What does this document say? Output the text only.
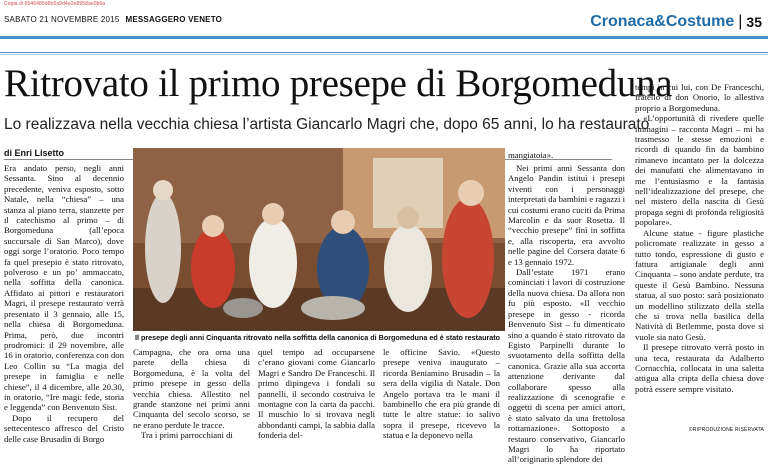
Copia di 6546485d6b5a9d4e2e8958ae0b6a
SABATO 21 NOVEMBRE 2015 MESSAGGERO VENETO	Cronaca&Costume | 35
Ritrovato il primo presepe di Borgomeduna
Lo realizzava nella vecchia chiesa l’artista Giancarlo Magri che, dopo 65 anni, lo ha restaurato
di Enri Lisetto

Era andato perso, negli anni Sessanta. Sino al decennio precedente, veniva esposto, sotto Natale, nella “chiesa” – una stanza al piano terra, stanzette per il catechismo al primo – di Borgomeduna (all’epoca succursale di San Marco), dove oggi sorge l’oratorio. Poco tempo fa quel presepio è stato ritrovato, polveroso e un po’ ammaccato, nella soffitta della canonica. Affidato ai pittori e restauratori Magri, il presepe restaurato verrà presentato il 3 gennaio, alle 15, nella chiesa di Borgomeduna. Prima, però, due incontri prodromici: il 29 novembre, alle 16 in oratorio, conferenza con don Leo Collin su “La magia del presepe in famiglia e nelle chiese”, il 4 dicembre, alle 20.30, in oratorio, “Ire magi: fede, storia e leggenda” con Benvenuto Sist.

Dopo il recupero del settecentesco affresco del Cristo delle case Brusadin di Borgo

Il presepe degli anni Cinquanta ritrovato nella soffitta della canonica di Borgomeduna ed è stato restaurato

Campagna, che ora orna una parete della chiesa di Borgomeduna, è la volta del primo presepe in gesso della vecchia chiesa. Allestito nel grande stanzone nei primi anni Cinquanta del secolo scorso, se ne erano perdute le tracce.

Tra i primi parrocchiani di

quel tempo ad occuparsene c’erano giovani come Giancarlo Magri e Sandro De Franceschi. Il primo dipingeva i fondali su pannelli, il secondo costruiva le montagne con la carta da pacchi. Il muschio lo si trovava negli abbondanti campi, la sabbia dalla fonderia del-

le officine Savio. «Questo presepe veniva inaugurato – ricorda Beniamino Brusadin – la sera della vigilia di Natale. Don Angelo portava tra le mani il bambinello che era più grande di tutte le altre statue: io salivo sopra il presepe, ricevevo la statua e la deponevo nella

mangiatoia».

Nei primi anni Sessanta don Angelo Pandin istituì i presepi viventi con i personaggi interpretati da bambini e ragazzi i cui costumi erano cuciti da Prima Marcolin e da suor Rosetta. Il “vecchio presepe” finì in soffitta e, alla riscoperta, era avvolto nelle pagine del Corsera datate 6 e 13 gennaio 1972.

Dall’estate 1971 erano cominciati i lavori di costruzione della nuova chiesa. Da allora non fu più esposto. «Il vecchio presepe in gesso - ricorda Benvenuto Sist – fu dimenticato sino a quando è stato ritrovato da Egisto Parpinelli durante lo svuotamento della soffitta della canonica. Grazie alla sua accorta attenzione derivante dal collaborare spesso alla realizzazione di scenografie e oggetti di scena per amici attori, è stato salvato da una frettolosa rottamazione». Sottoposto a restauro conservativo, Giancarlo Magri lo ha riportato all’originario splendore dei

tempi in cui lui, con De Franceschi, fratello di don Onorio, lo allestiva proprio a Borgomeduna.

«L’opportunità di rivedere quelle immagini – racconta Magri – mi ha trasmesso le stesse emozioni e ricordi di quando fin da bambino rimanevo incantato per la dolcezza dei manufatti che alimentavano in me l’entusiasmo e la fantasia nell’idealizzazione del presepe, che nel mistero della nascita di Gesù propaga segni di profonda religiosità popolare».

Alcune statue - figure plastiche policromate realizzate in gesso a tutto tondo, espressione di gusto e fattura artigianale degli anni Cinquanta – sono andate perdute, tra queste il Gesù Bambino. Nessuna statua, al suo posto: sarà posizionato un modellino stilizzato della stella che si trova nella basilica della Natività di Betlemme, posta dove si vuole sia nato Gesù.

Il presepe ritrovato verrà posto in una teca, restaurata da Adalberto Cornacchia, collocata in una saletta attigua alla cripta della chiesa dove potrà essere sempre visitato.

©RIPRODUZIONE RISERVATA
